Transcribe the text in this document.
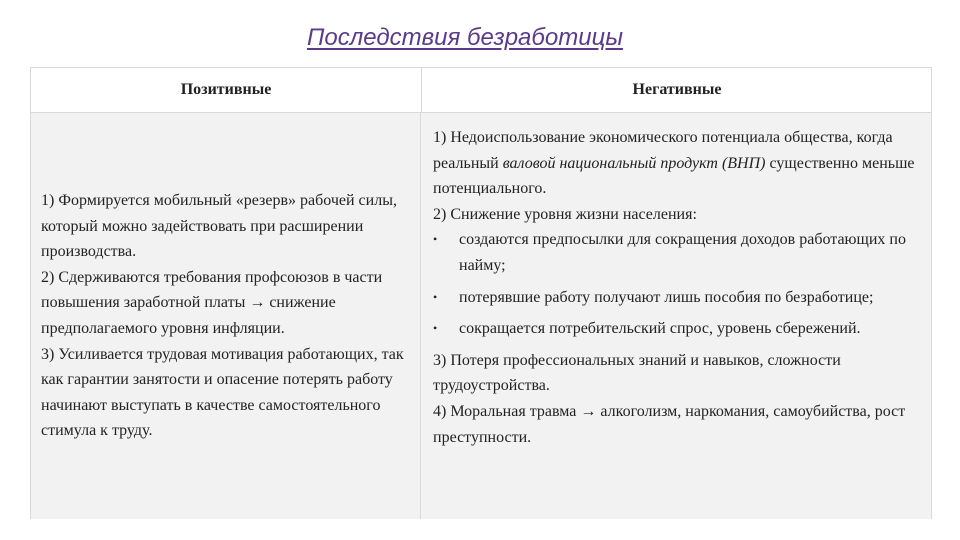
Последствия безработицы
Позитивные	Негативные

1) Формируется мобильный «резерв» рабочей силы, который можно задействовать при расширении производства.

2) Сдерживаются требования профсоюзов в части повышения заработной платы → снижение предполагаемого уровня инфляции.

3) Усиливается трудовая мотивация работающих, так как гарантии занятости и опасение потерять работу начинают выступать в качестве самостоятельного стимула к труду.

1) Недоиспользование экономического потенциала общества, когда реальный валовой национальный продукт (ВНП) существенно меньше потенциального.

2) Снижение уровня жизни населения:

• создаются предпосылки для сокращения доходов работающих по найму;
• потерявшие работу получают лишь пособия по безработице;
• сокращается потребительский спрос, уровень сбережений.

3) Потеря профессиональных знаний и навыков, сложности трудоустройства.

4) Моральная травма → алкоголизм, наркомания, самоубийства, рост преступности.
